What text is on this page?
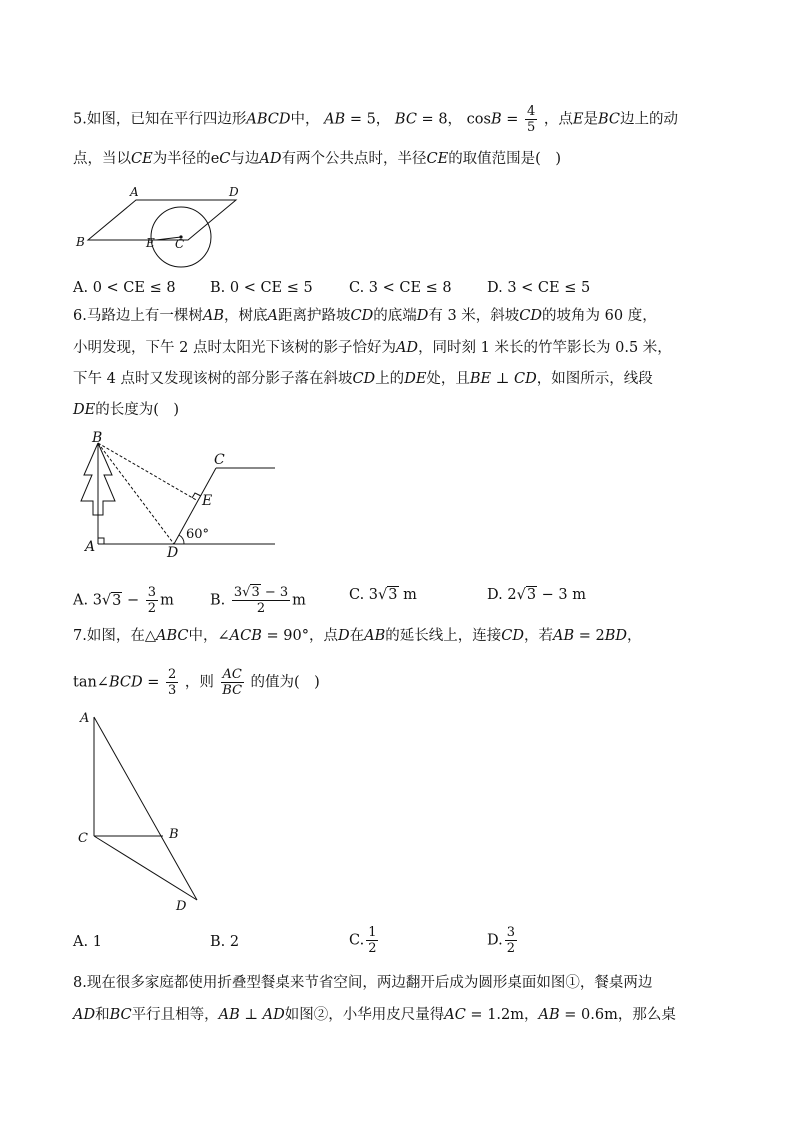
5.如图，已知在平行四边形ABCD中， AB = 5， BC = 8， $\cos B = \frac{4}{5}$ ，点E是BC边上的动
点，当以CE为半径的eC与边AD有两个公共点时，半径CE的取值范围是(　)
A	D
B	E C
A. 0 < CE ≤ 8 B. 0 < CE ≤ 5	C. 3 < CE ≤ 8 D. 3 < CE ≤ 5
6.马路边上有一棵树AB，树底A距离护路坡CD的底端D有 3 米，斜坡CD的坡角为 60 度，
小明发现，下午 2 点时太阳光下该树的影子恰好为AD，同时刻 1 米长的竹竿影长为 0.5 米，
下午 4 点时又发现该树的部分影子落在斜坡CD上的DE处，且BE ⊥ CD，如图所示，线段
DE的长度为(　)
B
C
E
A	D
60°
A. $3√3 - \frac{3}{2}$ m B. $\frac{3√3 - 3}{2}$ m	C. 3√3 m	D. 2√3 − 3 m
7.如图，在△ABC中，∠ACB = 90°，点D在AB的延长线上，连接CD，若AB = 2BD，
tan∠BCD = $\frac{2}{3}$ ，则 $\frac{AC}{BC}$ 的值为(　)
A
C	B
D
A. 1	B. 2	C. $\frac{1}{2}$	D. $\frac{3}{2}$
8.现在很多家庭都使用折叠型餐桌来节省空间，两边翻开后成为圆形桌面如图①，餐桌两边
AD和BC平行且相等，AB ⊥ AD如图②，小华用皮尺量得AC = 1.2m，AB = 0.6m，那么桌
